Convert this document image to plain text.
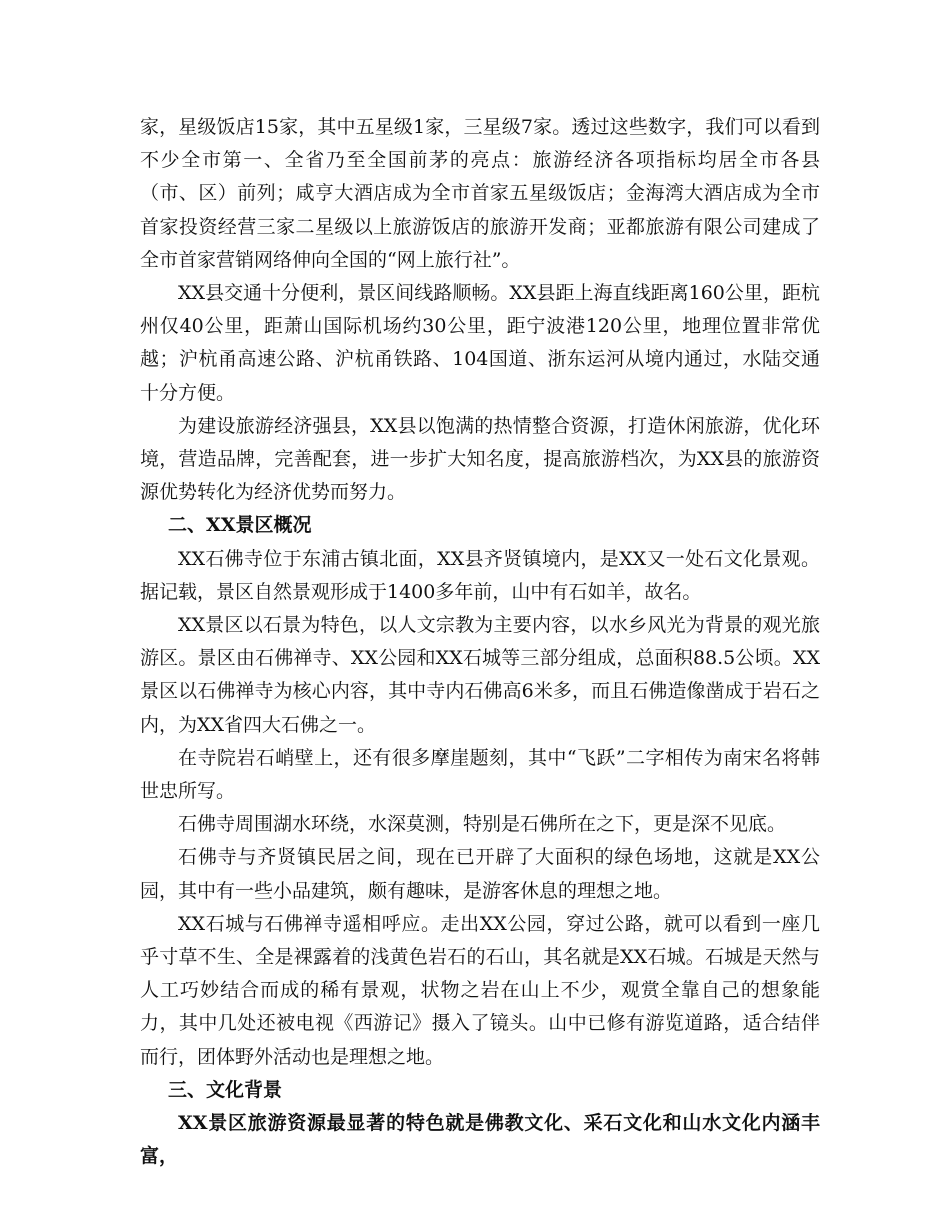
家，星级饭店15家，其中五星级1家，三星级7家。透过这些数字，我们可以看到不少全市第一、全省乃至全国前茅的亮点：旅游经济各项指标均居全市各县（市、区）前列；咸亨大酒店成为全市首家五星级饭店；金海湾大酒店成为全市首家投资经营三家二星级以上旅游饭店的旅游开发商；亚都旅游有限公司建成了全市首家营销网络伸向全国的“网上旅行社”。

XX县交通十分便利，景区间线路顺畅。XX县距上海直线距离160公里，距杭州仅40公里，距萧山国际机场约30公里，距宁波港120公里，地理位置非常优越；沪杭甬高速公路、沪杭甬铁路、104国道、浙东运河从境内通过，水陆交通十分方便。

为建设旅游经济强县，XX县以饱满的热情整合资源，打造休闲旅游，优化环境，营造品牌，完善配套，进一步扩大知名度，提高旅游档次，为XX县的旅游资源优势转化为经济优势而努力。

二、XX景区概况

XX石佛寺位于东浦古镇北面，XX县齐贤镇境内，是XX又一处石文化景观。据记载，景区自然景观形成于1400多年前，山中有石如羊，故名。

XX景区以石景为特色，以人文宗教为主要内容，以水乡风光为背景的观光旅游区。景区由石佛禅寺、XX公园和XX石城等三部分组成，总面积88.5公顷。XX景区以石佛禅寺为核心内容，其中寺内石佛高6米多，而且石佛造像凿成于岩石之内，为XX省四大石佛之一。

在寺院岩石峭壁上，还有很多摩崖题刻，其中“飞跃”二字相传为南宋名将韩世忠所写。

石佛寺周围湖水环绕，水深莫测，特别是石佛所在之下，更是深不见底。

石佛寺与齐贤镇民居之间，现在已开辟了大面积的绿色场地，这就是XX公园，其中有一些小品建筑，颇有趣味，是游客休息的理想之地。

XX石城与石佛禅寺遥相呼应。走出XX公园，穿过公路，就可以看到一座几乎寸草不生、全是裸露着的浅黄色岩石的石山，其名就是XX石城。石城是天然与人工巧妙结合而成的稀有景观，状物之岩在山上不少，观赏全靠自己的想象能力，其中几处还被电视《西游记》摄入了镜头。山中已修有游览道路，适合结伴而行，团体野外活动也是理想之地。

三、文化背景

XX景区旅游资源最显著的特色就是佛教文化、采石文化和山水文化内涵丰富，
